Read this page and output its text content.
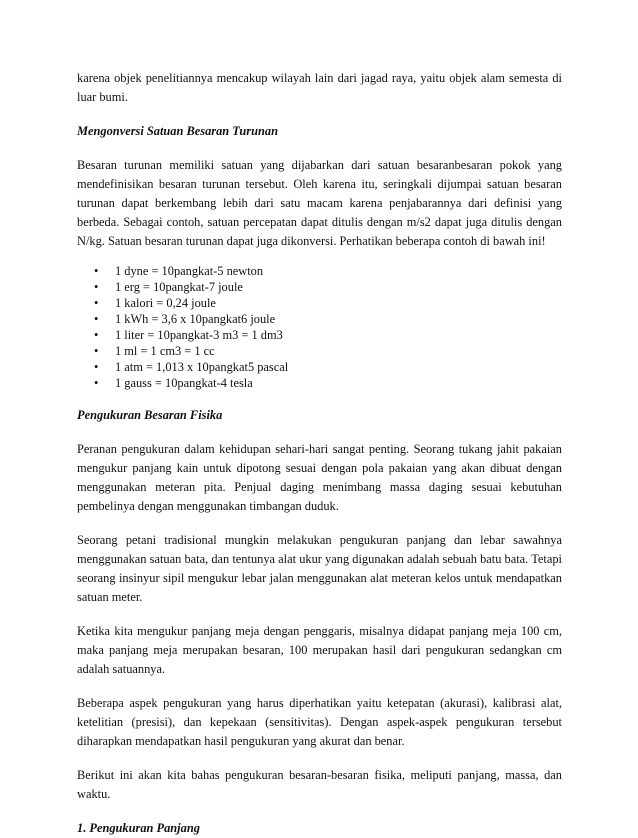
karena objek penelitiannya mencakup wilayah lain dari jagad raya, yaitu objek alam semesta di luar bumi.

Mengonversi Satuan Besaran Turunan

Besaran turunan memiliki satuan yang dijabarkan dari satuan besaranbesaran pokok yang mendefinisikan besaran turunan tersebut. Oleh karena itu, seringkali dijumpai satuan besaran turunan dapat berkembang lebih dari satu macam karena penjabarannya dari definisi yang berbeda. Sebagai contoh, satuan percepatan dapat ditulis dengan m/s2 dapat juga ditulis dengan N/kg. Satuan besaran turunan dapat juga dikonversi. Perhatikan beberapa contoh di bawah ini!

• 1 dyne = 10pangkat-5 newton
• 1 erg = 10pangkat-7 joule
• 1 kalori = 0,24 joule
• 1 kWh = 3,6 x 10pangkat6 joule
• 1 liter = 10pangkat-3 m3 = 1 dm3
• 1 ml = 1 cm3 = 1 cc
• 1 atm = 1,013 x 10pangkat5 pascal
• 1 gauss = 10pangkat-4 tesla
Pengukuran Besaran Fisika

Peranan pengukuran dalam kehidupan sehari-hari sangat penting. Seorang tukang jahit pakaian mengukur panjang kain untuk dipotong sesuai dengan pola pakaian yang akan dibuat dengan menggunakan meteran pita. Penjual daging menimbang massa daging sesuai kebutuhan pembelinya dengan menggunakan timbangan duduk.

Seorang petani tradisional mungkin melakukan pengukuran panjang dan lebar sawahnya menggunakan satuan bata, dan tentunya alat ukur yang digunakan adalah sebuah batu bata. Tetapi seorang insinyur sipil mengukur lebar jalan menggunakan alat meteran kelos untuk mendapatkan satuan meter.

Ketika kita mengukur panjang meja dengan penggaris, misalnya didapat panjang meja 100 cm, maka panjang meja merupakan besaran, 100 merupakan hasil dari pengukuran sedangkan cm adalah satuannya.

Beberapa aspek pengukuran yang harus diperhatikan yaitu ketepatan (akurasi), kalibrasi alat, ketelitian (presisi), dan kepekaan (sensitivitas). Dengan aspek-aspek pengukuran tersebut diharapkan mendapatkan hasil pengukuran yang akurat dan benar.

Berikut ini akan kita bahas pengukuran besaran-besaran fisika, meliputi panjang, massa, dan waktu.

1. Pengukuran Panjang
